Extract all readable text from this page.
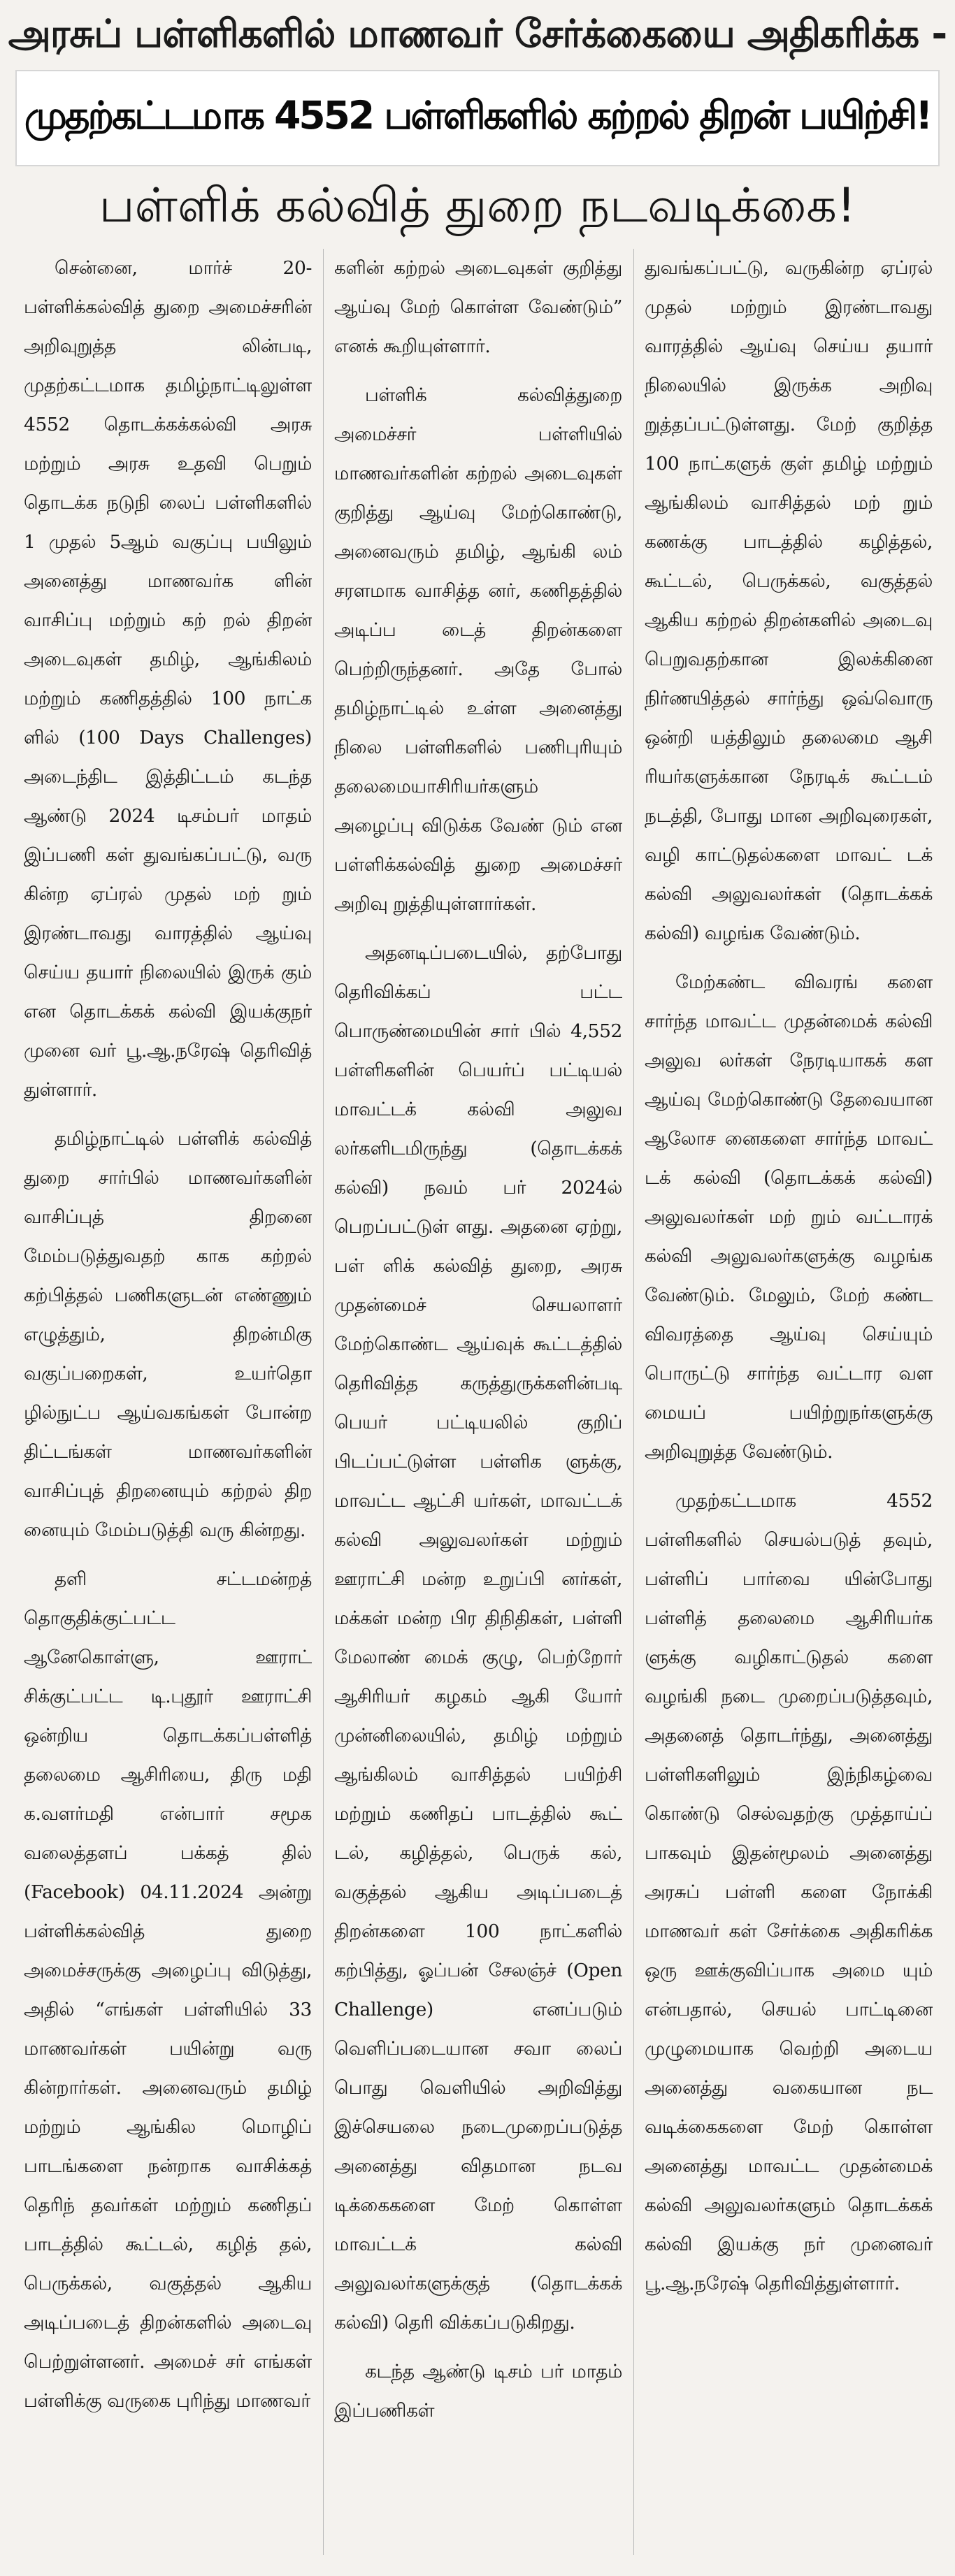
அரசுப் பள்ளிகளில் மாணவர் சேர்க்கையை அதிகரிக்க -
முதற்கட்டமாக 4552 பள்ளிகளில் கற்றல் திறன் பயிற்சி!
பள்ளிக் கல்வித் துறை நடவடிக்கை!

சென்னை, மார்ச் 20- பள்ளிக்கல்வித் துறை அமைச்சரின் அறிவுறுத்த லின்படி, முதற்கட்டமாக தமிழ்நாட்டிலுள்ள 4552 தொடக்கக்கல்வி அரசு மற்றும் அரசு உதவி பெறும் தொடக்க நடுநி லைப் பள்ளிகளில் 1 முதல் 5ஆம் வகுப்பு பயிலும் அனைத்து மாணவர்க ளின் வாசிப்பு மற்றும் கற் றல் திறன் அடைவுகள் தமிழ், ஆங்கிலம் மற்றும் கணிதத்தில் 100 நாட்க ளில் (100 Days Challenges) அடைந்திட இத்திட்டம் கடந்த ஆண்டு 2024 டிசம்பர் மாதம் இப்பணி கள் துவங்கப்பட்டு, வரு கின்ற ஏப்ரல் முதல் மற் றும் இரண்டாவது வாரத்தில் ஆய்வு செய்ய தயார் நிலையில் இருக் கும் என தொடக்கக் கல்வி இயக்குநர் முனை வர் பூ.ஆ.நரேஷ் தெரிவித் துள்ளார்.

தமிழ்நாட்டில் பள்ளிக் கல்வித் துறை சார்பில் மாணவர்களின் வாசிப்புத் திறனை மேம்படுத்துவதற் காக கற்றல் கற்பித்தல் பணிகளுடன் எண்ணும் எழுத்தும், திறன்மிகு வகுப்பறைகள், உயர்தொ ழில்நுட்ப ஆய்வகங்கள் போன்ற திட்டங்கள் மாணவர்களின் வாசிப்புத் திறனையும் கற்றல் திற னையும் மேம்படுத்தி வரு கின்றது.

தளி சட்டமன்றத் தொகுதிக்குட்பட்ட ஆனேகொள்ளு, ஊராட் சிக்குட்பட்ட டி.புதூர் ஊராட்சி ஒன்றிய தொடக்கப்பள்ளித் தலைமை ஆசிரியை, திரு மதி க.வளர்மதி என்பார் சமூக வலைத்தளப் பக்கத் தில் (Facebook) 04.11.2024 அன்று பள்ளிக்கல்வித் துறை அமைச்சருக்கு அழைப்பு விடுத்து, அதில் “எங்கள் பள்ளியில் 33 மாணவர்கள் பயின்று வரு கின்றார்கள். அனைவரும் தமிழ் மற்றும் ஆங்கில மொழிப் பாடங்களை நன்றாக வாசிக்கத் தெரிந் தவர்கள் மற்றும் கணிதப் பாடத்தில் கூட்டல், கழித் தல், பெருக்கல், வகுத்தல் ஆகிய அடிப்படைத் திறன்களில் அடைவு பெற்றுள்ளனர். அமைச் சர் எங்கள் பள்ளிக்கு வருகை புரிந்து மாணவர்

களின் கற்றல் அடைவுகள் குறித்து ஆய்வு மேற் கொள்ள வேண்டும்” எனக் கூறியுள்ளார்.

பள்ளிக் கல்வித்துறை அமைச்சர் பள்ளியில் மாணவர்களின் கற்றல் அடைவுகள் குறித்து ஆய்வு மேற்கொண்டு, அனைவரும் தமிழ், ஆங்கி லம் சரளமாக வாசித்த னர், கணிதத்தில் அடிப்ப டைத் திறன்களை பெற்றிருந்தனர். அதே போல் தமிழ்நாட்டில் உள்ள அனைத்து நிலை பள்ளிகளில் பணிபுரியும் தலைமையாசிரியர்களும் அழைப்பு விடுக்க வேண் டும் என பள்ளிக்கல்வித் துறை அமைச்சர் அறிவு றுத்தியுள்ளார்கள்.

அதனடிப்படையில், தற்போது தெரிவிக்கப் பட்ட பொருண்மையின் சார் பில் 4,552 பள்ளிகளின் பெயர்ப் பட்டியல் மாவட்டக் கல்வி அலுவ லர்களிடமிருந்து (தொடக்கக் கல்வி) நவம் பர் 2024ல் பெறப்பட்டுள் ளது. அதனை ஏற்று, பள் ளிக் கல்வித் துறை, அரசு முதன்மைச் செயலாளர் மேற்கொண்ட ஆய்வுக் கூட்டத்தில் தெரிவித்த கருத்துருக்களின்படி பெயர் பட்டியலில் குறிப் பிடப்பட்டுள்ள பள்ளிக ளுக்கு, மாவட்ட ஆட்சி யர்கள், மாவட்டக் கல்வி அலுவலர்கள் மற்றும் ஊராட்சி மன்ற உறுப்பி னர்கள், மக்கள் மன்ற பிர திநிதிகள், பள்ளி மேலாண் மைக் குழு, பெற்றோர் ஆசிரியர் கழகம் ஆகி யோர் முன்னிலையில், தமிழ் மற்றும் ஆங்கிலம் வாசித்தல் பயிற்சி மற்றும் கணிதப் பாடத்தில் கூட் டல், கழித்தல், பெருக் கல், வகுத்தல் ஆகிய அடிப்படைத் திறன்களை 100 நாட்களில் கற்பித்து, ஓப்பன் சேலஞ்ச் (Open Challenge) எனப்படும் வெளிப்படையான சவா லைப் பொது வெளியில் அறிவித்து இச்செயலை நடைமுறைப்படுத்த அனைத்து விதமான நடவ டிக்கைகளை மேற் கொள்ள மாவட்டக் கல்வி அலுவலர்களுக்குத் (தொடக்கக் கல்வி) தெரி விக்கப்படுகிறது.

கடந்த ஆண்டு டிசம் பர் மாதம் இப்பணிகள்

துவங்கப்பட்டு, வருகின்ற ஏப்ரல் முதல் மற்றும் இரண்டாவது வாரத்தில் ஆய்வு செய்ய தயார் நிலையில் இருக்க அறிவு றுத்தப்பட்டுள்ளது. மேற் குறித்த 100 நாட்களுக் குள் தமிழ் மற்றும் ஆங்கிலம் வாசித்தல் மற் றும் கணக்கு பாடத்தில் கழித்தல், கூட்டல், பெருக்கல், வகுத்தல் ஆகிய கற்றல் திறன்களில் அடைவு பெறுவதற்கான இலக்கினை நிர்ணயித்தல் சார்ந்து ஒவ்வொரு ஒன்றி யத்திலும் தலைமை ஆசி ரியர்களுக்கான நேரடிக் கூட்டம் நடத்தி, போது மான அறிவுரைகள், வழி காட்டுதல்களை மாவட் டக் கல்வி அலுவலர்கள் (தொடக்கக் கல்வி) வழங்க வேண்டும்.

மேற்கண்ட விவரங் களை சார்ந்த மாவட்ட முதன்மைக் கல்வி அலுவ லர்கள் நேரடியாகக் கள ஆய்வு மேற்கொண்டு தேவையான ஆலோச னைகளை சார்ந்த மாவட் டக் கல்வி (தொடக்கக் கல்வி) அலுவலர்கள் மற் றும் வட்டாரக் கல்வி அலுவலர்களுக்கு வழங்க வேண்டும். மேலும், மேற் கண்ட விவரத்தை ஆய்வு செய்யும் பொருட்டு சார்ந்த வட்டார வள மையப் பயிற்றுநர்களுக்கு அறிவுறுத்த வேண்டும்.

முதற்கட்டமாக 4552 பள்ளிகளில் செயல்படுத் தவும், பள்ளிப் பார்வை யின்போது பள்ளித் தலைமை ஆசிரியர்க ளுக்கு வழிகாட்டுதல் களை வழங்கி நடை முறைப்படுத்தவும், அதனைத் தொடர்ந்து, அனைத்து பள்ளிகளிலும் இந்நிகழ்வை கொண்டு செல்வதற்கு முத்தாய்ப் பாகவும் இதன்மூலம் அனைத்து அரசுப் பள்ளி களை நோக்கி மாணவர் கள் சேர்க்கை அதிகரிக்க ஒரு ஊக்குவிப்பாக அமை யும் என்பதால், செயல் பாட்டினை முழுமையாக வெற்றி அடைய அனைத்து வகையான நட வடிக்கைகளை மேற் கொள்ள அனைத்து மாவட்ட முதன்மைக் கல்வி அலுவலர்களும் தொடக்கக் கல்வி இயக்கு நர் முனைவர் பூ.ஆ.நரேஷ் தெரிவித்துள்ளார்.
